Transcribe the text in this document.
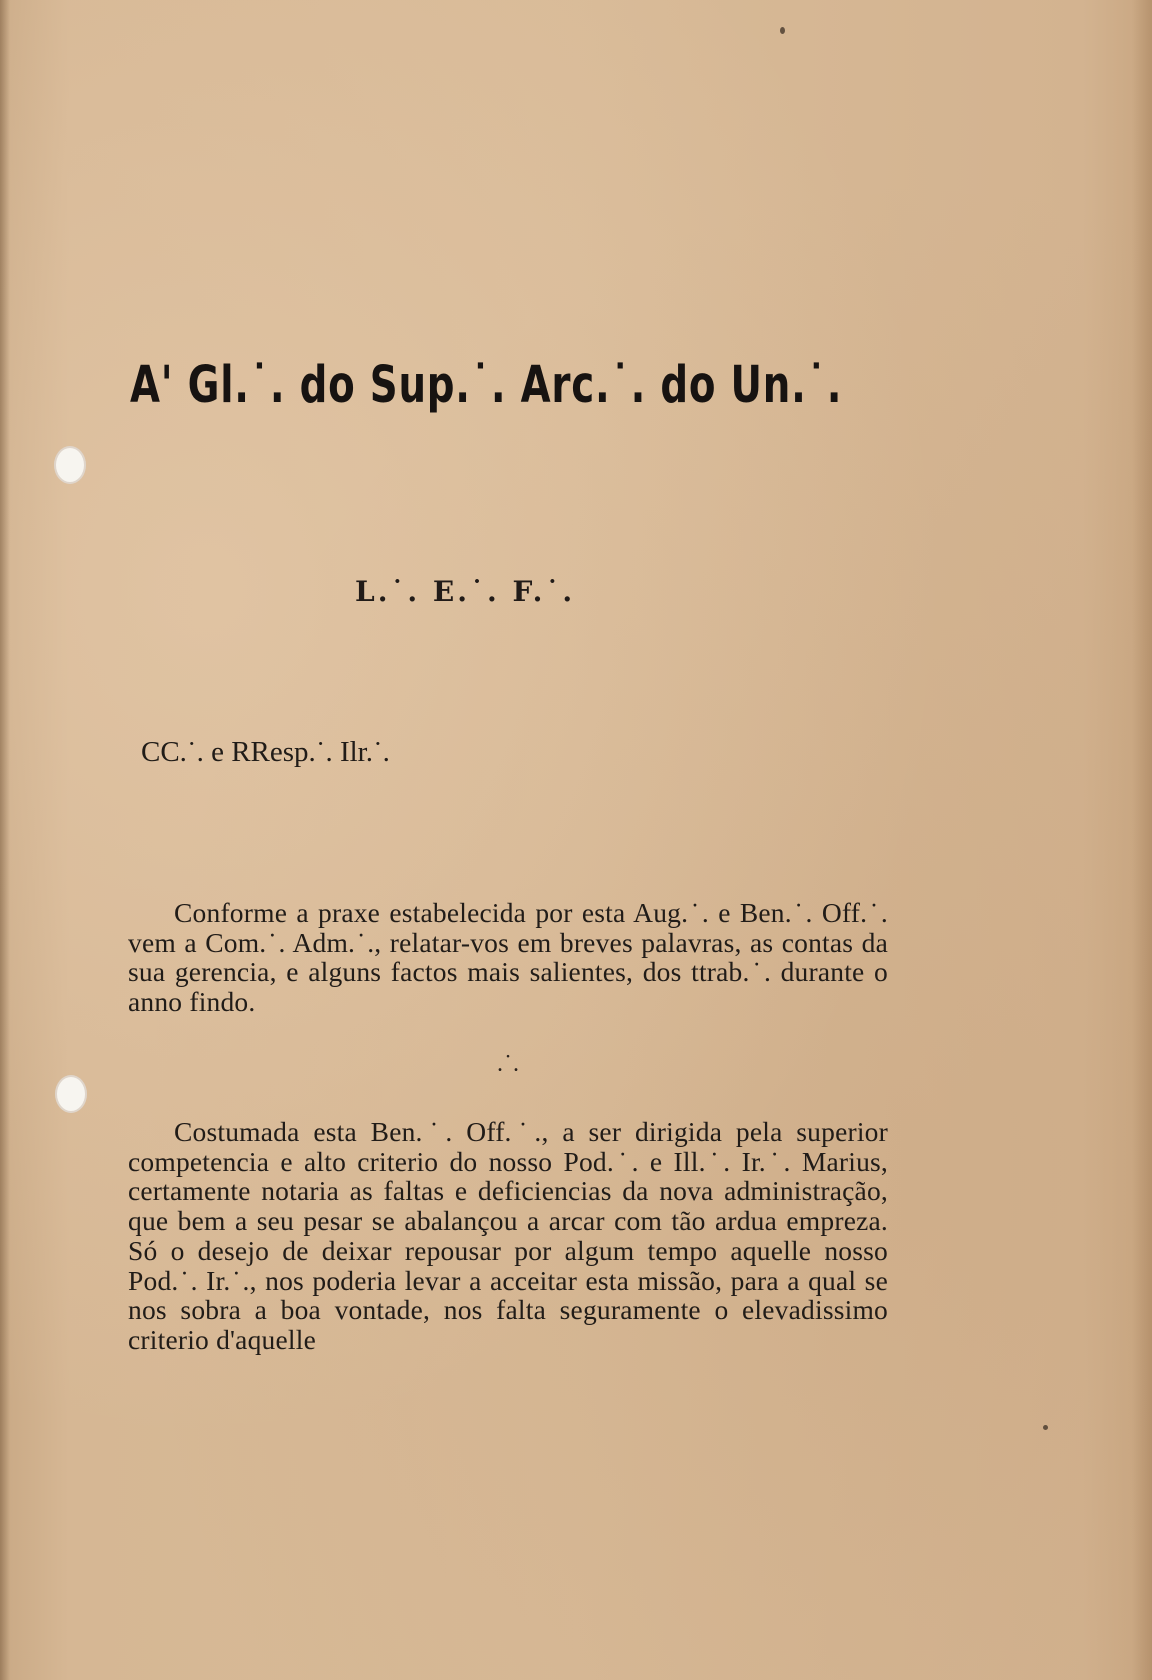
A' Gl.˙. do Sup.˙. Arc.˙. do Un.˙.

L.˙. E.˙. F.˙.

CC.˙. e RResp.˙. Ilr.˙.

Conforme a praxe estabelecida por esta Aug.˙. e Ben.˙. Off.˙. vem a Com.˙. Adm.˙., relatar-vos em breves palavras, as contas da sua gerencia, e alguns factos mais salientes, dos ttrab.˙. durante o anno findo.

.˙.

Costumada esta Ben.˙. Off.˙., a ser dirigida pela superior competencia e alto criterio do nosso Pod.˙. e Ill.˙. Ir.˙. Marius, certamente notaria as faltas e deficiencias da nova administração, que bem a seu pesar se abalançou a arcar com tão ardua empreza. Só o desejo de deixar repousar por algum tempo aquelle nosso Pod.˙. Ir.˙., nos poderia levar a acceitar esta missão, para a qual se nos sobra a boa vontade, nos falta seguramente o elevadissimo criterio d'aquelle
